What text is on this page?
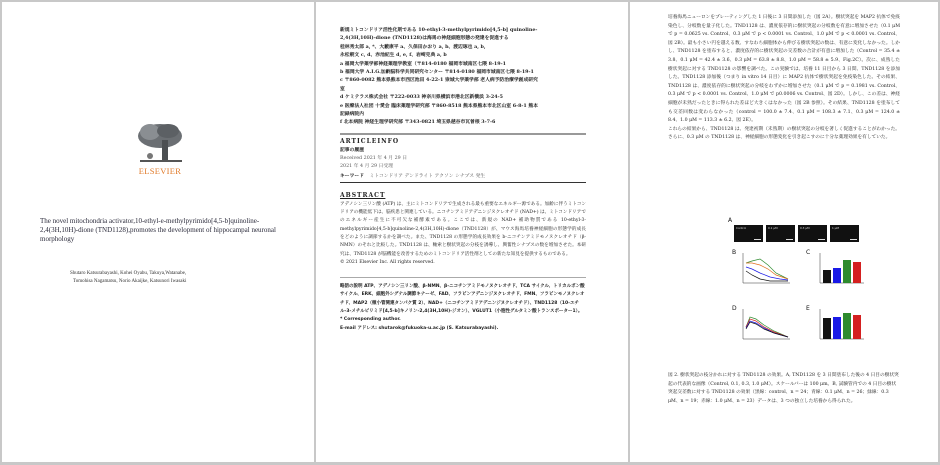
ELSEVIER
The novel mitochondria activator,10-ethyl-e-methylpyrimido[4,5-b]quinoline-2,4(3H,10H)-dione (TND1128),promotes the development of hippocampal neuronal morphology
Shutaro Katsurabayashi, Kohei Oyabu, Takuya,Watanabe,
Tomohisa Nagamatsu, Norio Akaijke, Katsunori Iwasaki
新規ミトコンドリア活性化剤である 10-ethyl-3-methylpyrimido[4,5-b] quinoline-
2,4(3H,10H)-dione (TND1128)は海馬の神経細胞形態の発達を促進する
桂林秀太郎 a, *、大藪康平 a、久保田かおり a, b、渡辺琢也 a, b,
永松朝文 c, d、赤池紀生 d, e, f、岩崎克典 a, b
a 福岡大学薬学部神経薬理学教室（〒814-0180 福岡市城南区七隈 8-19-1
b 福岡大学 A.I.G.加齢脳科学共同研究センター 〒814-0180 福岡市城南区七隈 8-19-1
c 〒860-0082 熊本県熊本市西区池田 4-22-1 崇城大学薬学部 老人病予防治療学創成研究
室
d ケミテラス株式会社 〒222-0033 神奈川県横浜市港北区新横浜 3-24-5
e 医療法人社団 十愛会 臨床薬理学研究部 〒860-8518 熊本県熊本市北区山室 6-8-1 熊本
記録病院内
f 北本病院 神経生理学研究部 〒343-0821 埼玉県越谷市瓦曽根 3-7-6
ARTICLEINFO
記事の履歴
Received 2021 年 4 月 29 日
2021 年 4 月 29 日受理
キーワード ミトコンドリア デンドライト アクソン シナプス 発生
ABSTRACT
アデノシン三リン酸 (ATP) は、主にミトコンドリアで生成される最も重要なエネルギー源である。加齢に伴うミトコンドリアの機能低下は、脳疾患と関連している。ニコチンアミドアデニンジヌクレオチド (NAD+) は、ミトコンドリアでのエネルギー産生に不可欠な補酵素である。ここでは、新規の NAD+ 補助物質である 10-ethyl-3-methylpyrimido[4,5-b]quinoline-2,4(3H,10H)-dione（TND1128）が、マウス海馬培養神経細胞の形態学的成長をどのように調節するかを調べた。また、TND1128 の形態学的成長効果を b-ニコチンアミドモノヌクレオチド（β-NMN）のそれと比較した。TND1128 は、軸索と樹状突起の分枝を誘導し、興奮性シナプスの数を増加させた。本研究は、TND1128 が脳機能を改善するためのミトコンドリア活性剤としての新たな知見を提供するものである。
© 2021 Elsevier Inc. All rights reserved.
略語の説明 ATP、アデノシン三リン酸、β-NMN、β-ニコチンアミドモノヌクレオチド、TCA サイクル、トリカルボン酸サイクル、ERK、細胞外シグナル調節キナーゼ、FAD、フラビンアデニンジヌクレオチド、FMN、フラビンモノヌクレオチド、MAP2（微小管関連タンパク質 2）、NAD+（ニコチンアミドアデニンジヌクレオチド）、TND1128（10-エチル-3-メチルピリミド[4,5-b]キノリン-2,4(3H,10H)-ジオン）、VGLUT1（小胞性グルタミン酸トランスポーター1）。
* Corresponding author.
E-mail アドレス: shutarok@fukuoka-u.ac.jp (S. Katsurabayashi).
培養海馬ニューロンをプレーティングした 1 日後に 3 日間添加した（図 2A）。樹状突起を MAP2 抗体で免疫染色し、分岐数を量子化した。TND1128 は、濃度依存的に樹状突起の分岐数を有意に増加させた（0.1 μM で p = 0.0625 vs. Control、0.3 μM で p < 0.0001 vs. Control、1.0 μM で p < 0.0001 vs. Control、図 2B）。最も小さい円を越える数、すなわち細胞体から伸びる樹状突起の数は、有意に変化しなかった。しかし、TND1128 を塗布すると、濃度依存的に樹状突起の交差数の合計が有意に増加した（Control = 35.4 ± 3.8、0.1 μM = 42.4 ± 3.6、0.3 μM = 63.8 ± 8.8、1.0 μM = 58.8 ± 5.9、Fig.2C）。次に、成熟した樹状突起に対する TND1128 の影響を調べた。この実験では、培養 11 日目から 3 日間、TND1128 を添加した。TND1128 添加後（つまり in vitro 14 日目）に MAP2 抗体で樹状突起を免疫染色した。その結果、TND1128 は、濃度依存的に樹状突起の分岐をわずかに増加させた（0.1 μM で p = 0.1981 vs. Control、0.3 μM で p < 0.0001 vs. Control、1.0 μM で p0.0006 vs. Control、図 2D）。しかし、この差は、神経細胞が未熟だったときに得られた差ほど大きくはなかった（図 2B 参照）。その結果、TND1128 を塗布しても交差回数は変わらなかった（control = 100.0 ± 7.4、0.1 μM = 108.3 ± 7.1、0.3 μM = 124.0 ± 8.4、1.0 μM = 113.3 ± 6.2、図 2E）。
これらの結果から、TND1128 は、発達初期（未熟期）の樹状突起の分岐を著しく促進することがわかった。さらに、0.3 μM の TND1128 は、神経細胞の形態変化を引き起こすのに十分な薬理効果を有していた。
A
Control	0.1 μM	0.3 μM	1 μM
B	C
D	E
図 2. 樹状突起の枝分かれに対する TND1128 の効果。A, TND1128 を 3 日間塗布した後の 4 日目の樹状突起の代表的な画像（Control, 0.1, 0.3, 1.0 μM）。スケールバーは 100 μm。B, 試験管内での 4 日目の樹状突起交差数に対する TND1128 の効果（黒線：control、n = 24；青線：0.1 μM、n = 26；緑線：0.3 μM、n = 19；赤線：1.0 μM、n = 23）データは、3 つの独立した培養から得られた。
